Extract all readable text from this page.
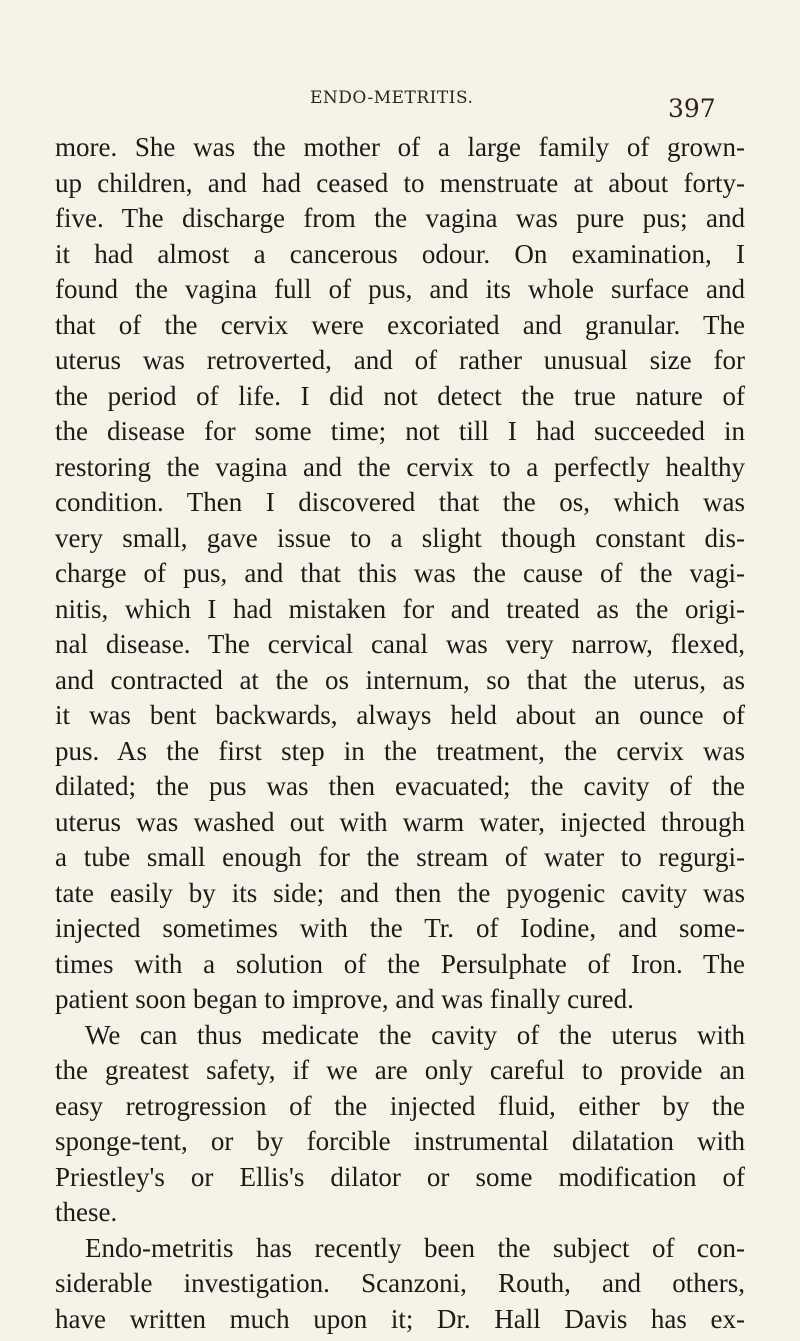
ENDO-METRITIS.	397
more. She was the mother of a large family of grown-
up children, and had ceased to menstruate at about forty-
five. The discharge from the vagina was pure pus; and
it had almost a cancerous odour. On examination, I
found the vagina full of pus, and its whole surface and
that of the cervix were excoriated and granular. The
uterus was retroverted, and of rather unusual size for
the period of life. I did not detect the true nature of
the disease for some time; not till I had succeeded in
restoring the vagina and the cervix to a perfectly healthy
condition. Then I discovered that the os, which was
very small, gave issue to a slight though constant dis-
charge of pus, and that this was the cause of the vagi-
nitis, which I had mistaken for and treated as the origi-
nal disease. The cervical canal was very narrow, flexed,
and contracted at the os internum, so that the uterus, as
it was bent backwards, always held about an ounce of
pus. As the first step in the treatment, the cervix was
dilated; the pus was then evacuated; the cavity of the
uterus was washed out with warm water, injected through
a tube small enough for the stream of water to regurgi-
tate easily by its side; and then the pyogenic cavity was
injected sometimes with the Tr. of Iodine, and some-
times with a solution of the Persulphate of Iron. The
patient soon began to improve, and was finally cured.
We can thus medicate the cavity of the uterus with
the greatest safety, if we are only careful to provide an
easy retrogression of the injected fluid, either by the
sponge-tent, or by forcible instrumental dilatation with
Priestley's or Ellis's dilator or some modification of
these.
Endo-metritis has recently been the subject of con-
siderable investigation. Scanzoni, Routh, and others,
have written much upon it; Dr. Hall Davis has ex-
